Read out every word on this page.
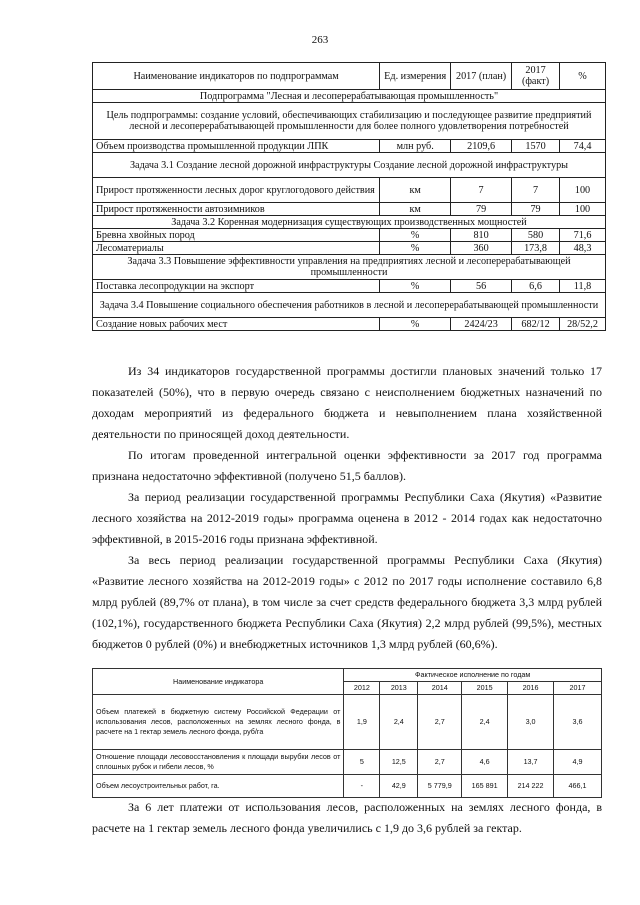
263
Наименование индикаторов по подпрограммам	Ед. измерения	2017 (план)	2017 (факт)	%
Подпрограмма "Лесная и лесоперерабатывающая промышленность"				
Цель подпрограммы: создание условий, обеспечивающих стабилизацию и последующее развитие предприятий лесной и лесоперерабатывающей промышленности для более полного удовлетворения потребностей				
Объем производства промышленной продукции ЛПК	млн руб.	2109,6	1570	74,4
Задача 3.1 Создание лесной дорожной инфраструктуры Создание лесной дорожной инфраструктуры				
Прирост протяженности лесных дорог круглогодового действия	км	7	7	100
Прирост протяженности автозимников	км	79	79	100
Задача 3.2 Коренная модернизация существующих производственных мощностей				
Бревна хвойных пород	%	810	580	71,6
Лесоматериалы	%	360	173,8	48,3
Задача 3.3 Повышение эффективности управления на предприятиях лесной и лесоперерабатывающей промышленности				
Поставка лесопродукции на экспорт	%	56	6,6	11,8
Задача 3.4 Повышение социального обеспечения работников в лесной и лесоперерабатывающей промышленности				
Создание новых рабочих мест	%	2424/23	682/12	28/52,2

Из 34 индикаторов государственной программы достигли плановых значений только 17 показателей (50%), что в первую очередь связано с неисполнением бюджетных назначений по доходам мероприятий из федерального бюджета и невыполнением плана хозяйственной деятельности по приносящей доход деятельности.

По итогам проведенной интегральной оценки эффективности за 2017 год программа признана недостаточно эффективной (получено 51,5 баллов).

За период реализации государственной программы Республики Саха (Якутия) «Развитие лесного хозяйства на 2012-2019 годы» программа оценена в 2012 - 2014 годах как недостаточно эффективной, в 2015-2016 годы признана эффективной.

За весь период реализации государственной программы Республики Саха (Якутия) «Развитие лесного хозяйства на 2012-2019 годы» с 2012 по 2017 годы исполнение составило 6,8 млрд рублей (89,7% от плана), в том числе за счет средств федерального бюджета 3,3 млрд рублей (102,1%), государственного бюджета Республики Саха (Якутия) 2,2 млрд рублей (99,5%), местных бюджетов 0 рублей (0%) и внебюджетных источников 1,3 млрд рублей (60,6%).

Наименование индикатора	Фактическое исполнение по годам					
	2012	2013	2014	2015	2016	2017
Объем платежей в бюджетную систему Российской Федерации от использования лесов, расположенных на землях лесного фонда, в расчете на 1 гектар земель лесного фонда, руб/га	1,9	2,4	2,7	2,4	3,0	3,6
Отношение площади лесовосстановления к площади вырубки лесов от сплошных рубок и гибели лесов, %	5	12,5	2,7	4,6	13,7	4,9
Объем лесоустроительных работ, га.	-	42,9	5 779,9	165 891	214 222	466,1

За 6 лет платежи от использования лесов, расположенных на землях лесного фонда, в расчете на 1 гектар земель лесного фонда увеличились с 1,9 до 3,6 рублей за гектар.
